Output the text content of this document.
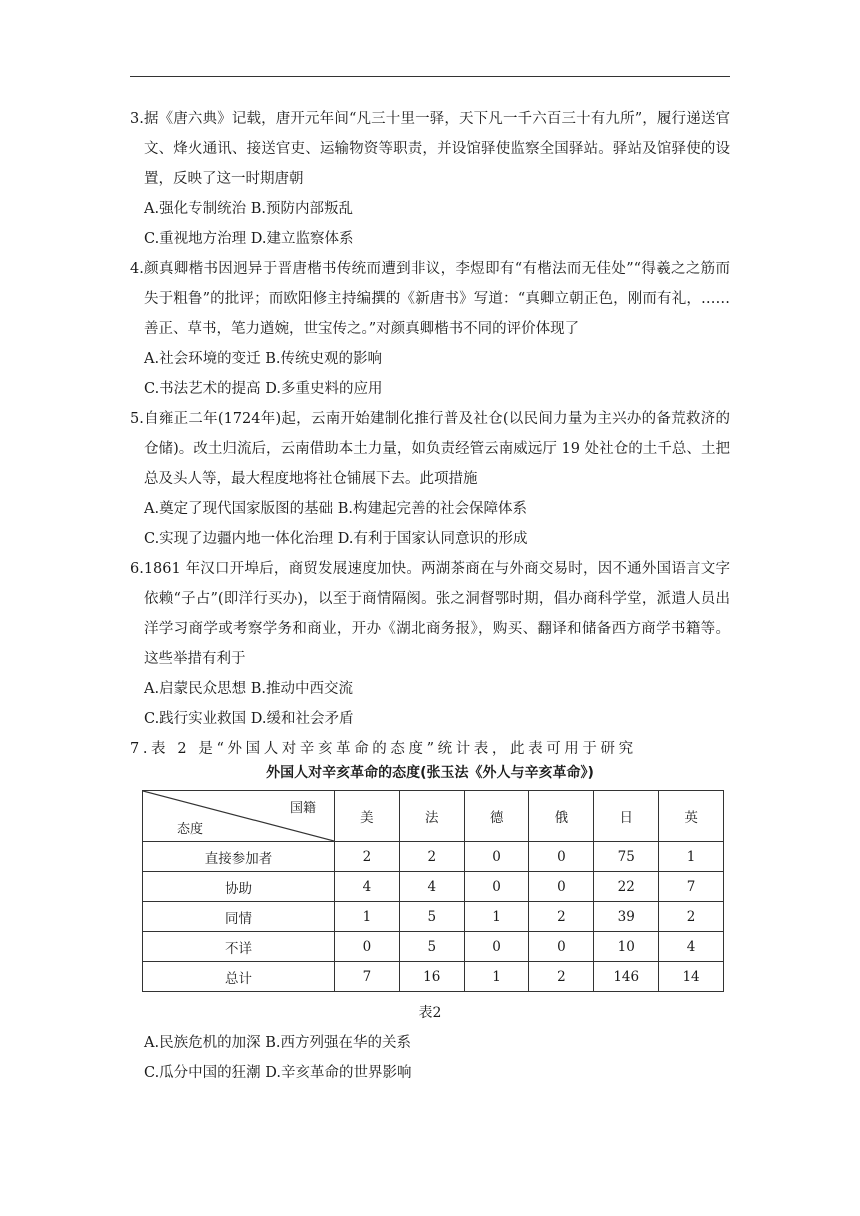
3.据《唐六典》记载，唐开元年间“凡三十里一驿，天下凡一千六百三十有九所”，履行递送官文、烽火通讯、接送官吏、运输物资等职责，并设馆驿使监察全国驿站。驿站及馆驿使的设置，反映了这一时期唐朝

A.强化专制统治 B.预防内部叛乱
C.重视地方治理 D.建立监察体系

4.颜真卿楷书因迥异于晋唐楷书传统而遭到非议，李煜即有“有楷法而无佳处”“得羲之之筋而失于粗鲁”的批评；而欧阳修主持编撰的《新唐书》写道：“真卿立朝正色，刚而有礼，……善正、草书，笔力遒婉，世宝传之。”对颜真卿楷书不同的评价体现了

A.社会环境的变迁 B.传统史观的影响
C.书法艺术的提高 D.多重史料的应用

5.自雍正二年(1724年)起，云南开始建制化推行普及社仓(以民间力量为主兴办的备荒救济的仓储)。改土归流后，云南借助本土力量，如负责经管云南威远厅 19 处社仓的土千总、土把总及头人等，最大程度地将社仓铺展下去。此项措施

A.奠定了现代国家版图的基础 B.构建起完善的社会保障体系
C.实现了边疆内地一体化治理 D.有利于国家认同意识的形成

6.1861 年汉口开埠后，商贸发展速度加快。两湖茶商在与外商交易时，因不通外国语言文字依赖“子占”(即洋行买办)，以至于商情隔阂。张之洞督鄂时期，倡办商科学堂，派遣人员出洋学习商学或考察学务和商业，开办《湖北商务报》，购买、翻译和储备西方商学书籍等。这些举措有利于

A.启蒙民众思想 B.推动中西交流
C.践行实业救国 D.缓和社会矛盾

7.表 2 是“外国人对辛亥革命的态度”统计表，此表可用于研究

外国人对辛亥革命的态度(张玉法《外人与辛亥革命》)
国籍
态度	美	法	德	俄	日	英
直接参加者	2	2	0	0	75	1
协助	4	4	0	0	22	7
同情	1	5	1	2	39	2
不详	0	5	0	0	10	4
总计	7	16	1	2	146	14
表2
A.民族危机的加深 B.西方列强在华的关系
C.瓜分中国的狂潮 D.辛亥革命的世界影响
